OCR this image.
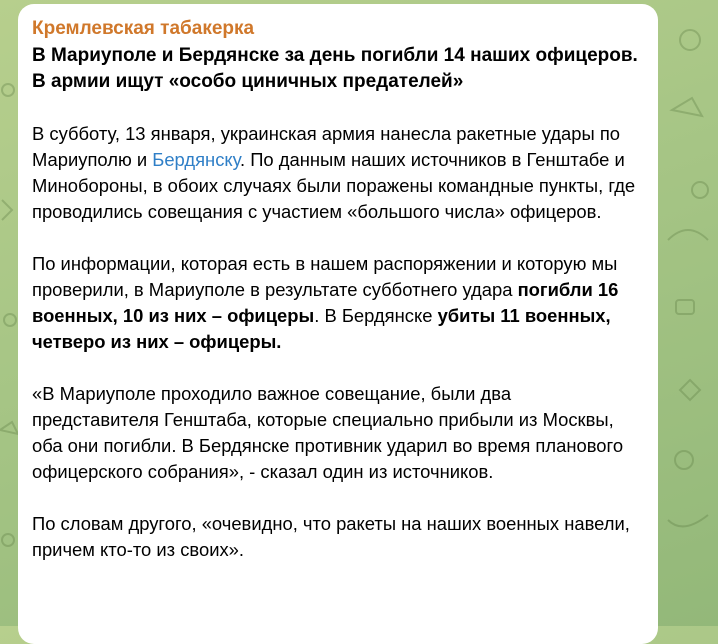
Кремлевская табакерка
В Мариуполе и Бердянске за день погибли 14 наших офицеров. В армии ищут «особо циничных предателей»

В субботу, 13 января, украинская армия нанесла ракетные удары по Мариуполю и Бердянску. По данным наших источников в Генштабе и Минобороны, в обоих случаях были поражены командные пункты, где проводились совещания с участием «большого числа» офицеров.

По информации, которая есть в нашем распоряжении и которую мы проверили, в Мариуполе в результате субботнего удара погибли 16 военных, 10 из них – офицеры. В Бердянске убиты 11 военных, четверо из них – офицеры.

«В Мариуполе проходило важное совещание, были два представителя Генштаба, которые специально прибыли из Москвы, оба они погибли. В Бердянске противник ударил во время планового офицерского собрания», - сказал один из источников.

По словам другого, «очевидно, что ракеты на наших военных навели, причем кто-то из своих».
